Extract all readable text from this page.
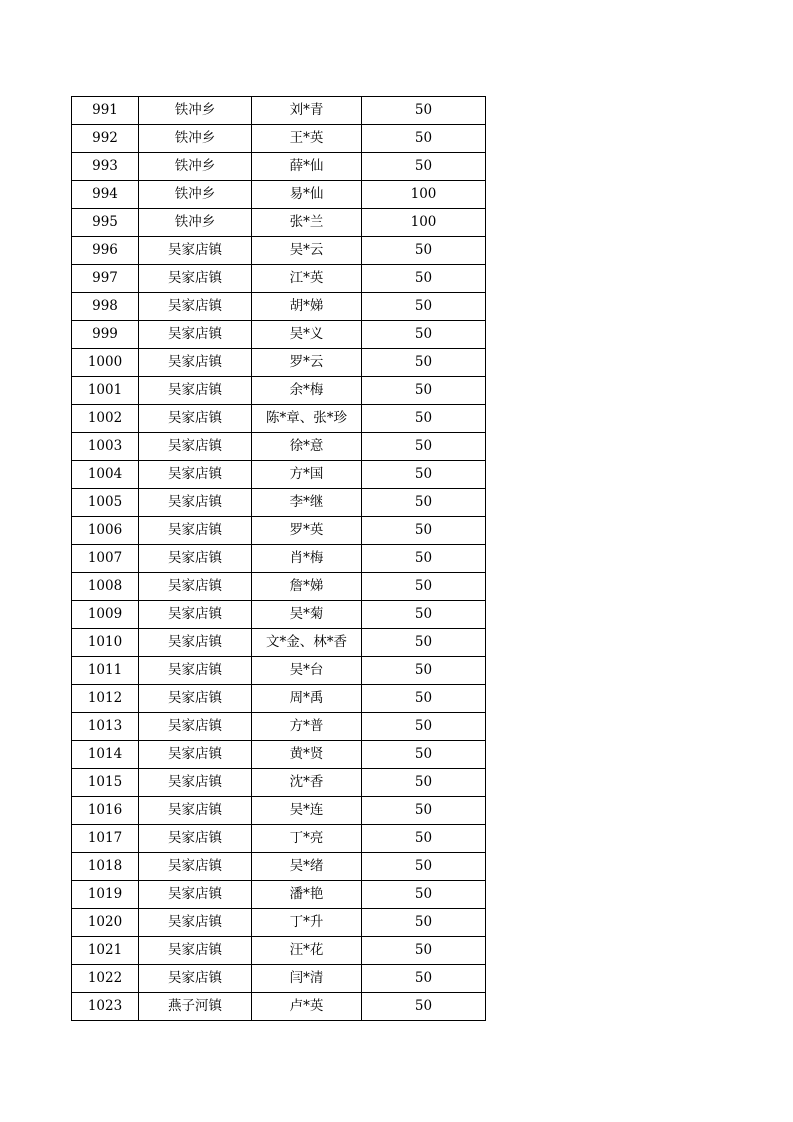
991	铁冲乡	刘*青	50
992	铁冲乡	王*英	50
993	铁冲乡	薛*仙	50
994	铁冲乡	易*仙	100
995	铁冲乡	张*兰	100
996	吴家店镇	吴*云	50
997	吴家店镇	江*英	50
998	吴家店镇	胡*娣	50
999	吴家店镇	吴*义	50
1000	吴家店镇	罗*云	50
1001	吴家店镇	余*梅	50
1002	吴家店镇	陈*章、张*珍	50
1003	吴家店镇	徐*意	50
1004	吴家店镇	方*国	50
1005	吴家店镇	李*继	50
1006	吴家店镇	罗*英	50
1007	吴家店镇	肖*梅	50
1008	吴家店镇	詹*娣	50
1009	吴家店镇	吴*菊	50
1010	吴家店镇	文*金、林*香	50
1011	吴家店镇	吴*台	50
1012	吴家店镇	周*禹	50
1013	吴家店镇	方*普	50
1014	吴家店镇	黄*贤	50
1015	吴家店镇	沈*香	50
1016	吴家店镇	吴*连	50
1017	吴家店镇	丁*亮	50
1018	吴家店镇	吴*绪	50
1019	吴家店镇	潘*艳	50
1020	吴家店镇	丁*升	50
1021	吴家店镇	汪*花	50
1022	吴家店镇	闫*清	50
1023	燕子河镇	卢*英	50
